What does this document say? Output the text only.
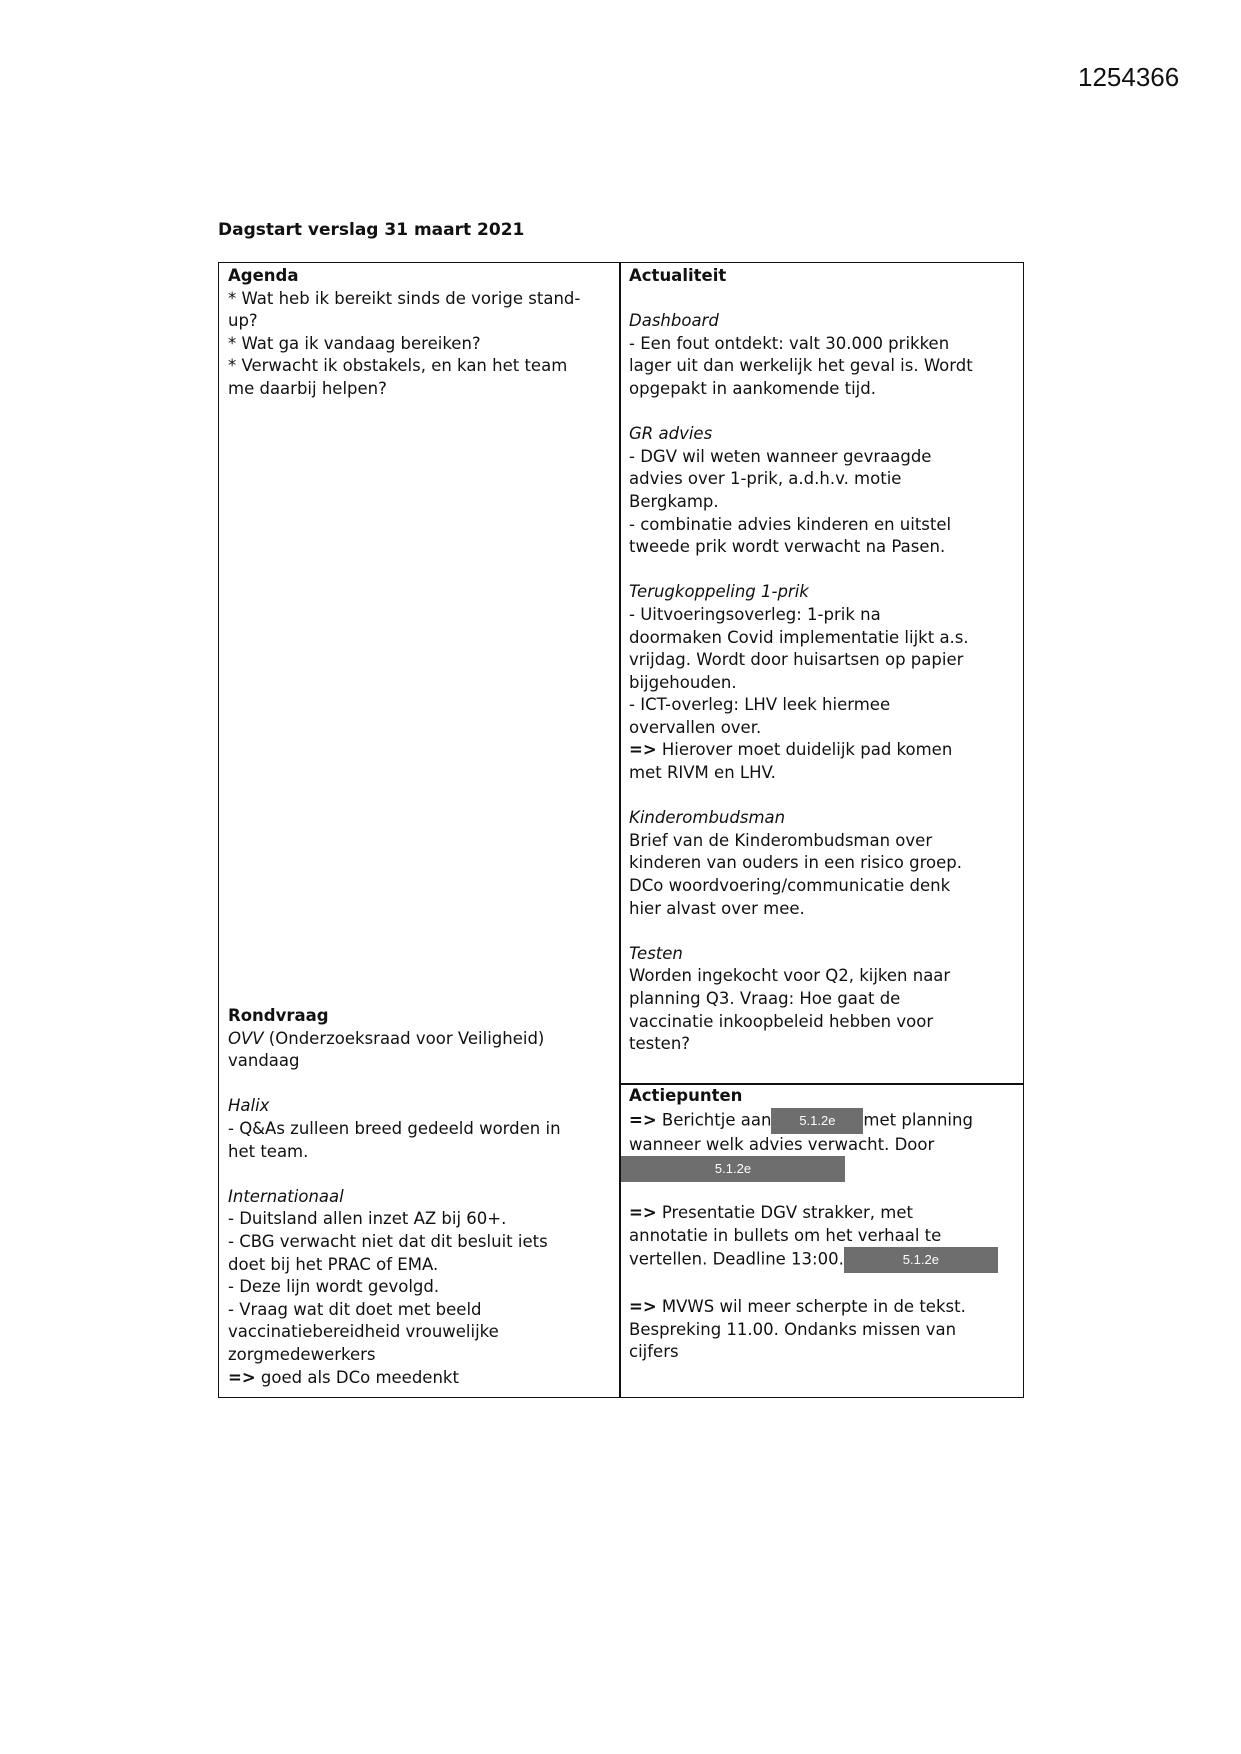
1254366
Dagstart verslag 31 maart 2021
Agenda
* Wat heb ik bereikt sinds de vorige stand-
up?
* Wat ga ik vandaag bereiken?
* Verwacht ik obstakels, en kan het team
me daarbij helpen?
Rondvraag
OVV (Onderzoeksraad voor Veiligheid)
vandaag
Halix
- Q&As zulleen breed gedeeld worden in
het team.
Internationaal
- Duitsland allen inzet AZ bij 60+.
- CBG verwacht niet dat dit besluit iets
doet bij het PRAC of EMA.
- Deze lijn wordt gevolgd.
- Vraag wat dit doet met beeld
vaccinatiebereidheid vrouwelijke
zorgmedewerkers
=> goed als DCo meedenkt
Actualiteit
Dashboard
- Een fout ontdekt: valt 30.000 prikken
lager uit dan werkelijk het geval is. Wordt
opgepakt in aankomende tijd.
GR advies
- DGV wil weten wanneer gevraagde
advies over 1-prik, a.d.h.v. motie
Bergkamp.
- combinatie advies kinderen en uitstel
tweede prik wordt verwacht na Pasen.
Terugkoppeling 1-prik
- Uitvoeringsoverleg: 1-prik na
doormaken Covid implementatie lijkt a.s.
vrijdag. Wordt door huisartsen op papier
bijgehouden.
- ICT-overleg: LHV leek hiermee
overvallen over.
=> Hierover moet duidelijk pad komen
met RIVM en LHV.
Kinderombudsman
Brief van de Kinderombudsman over
kinderen van ouders in een risico groep.
DCo woordvoering/communicatie denk
hier alvast over mee.
Testen
Worden ingekocht voor Q2, kijken naar
planning Q3. Vraag: Hoe gaat de
vaccinatie inkoopbeleid hebben voor
testen?
Actiepunten
=> Berichtje aan 5.1.2e met planning
wanneer welk advies verwacht. Door
5.1.2e
=> Presentatie DGV strakker, met
annotatie in bullets om het verhaal te
vertellen. Deadline 13:00.	5.1.2e
=> MVWS wil meer scherpte in de tekst.
Bespreking 11.00. Ondanks missen van
cijfers
